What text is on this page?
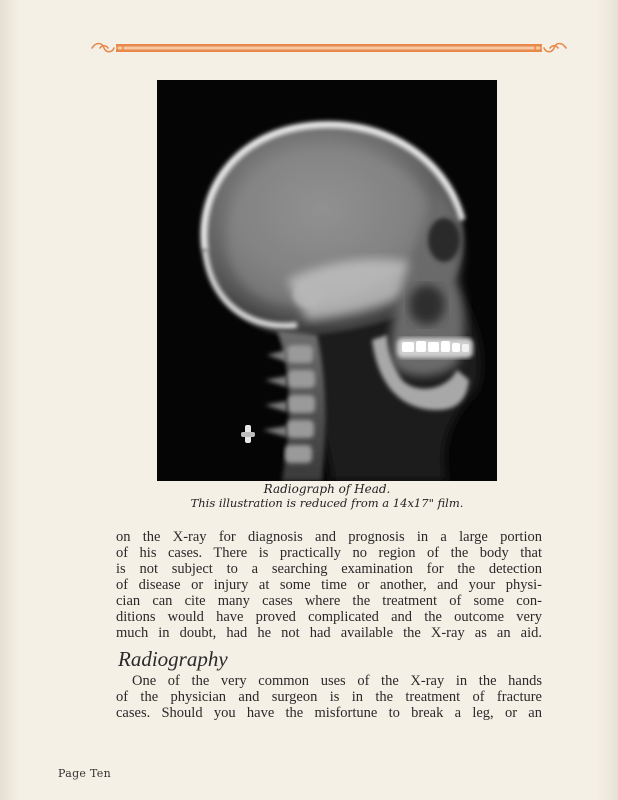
Radiograph of Head.
This illustration is reduced from a 14x17" film.
on the X-ray for diagnosis and prognosis in a large portion
of his cases. There is practically no region of the body that
is not subject to a searching examination for the detection
of disease or injury at some time or another, and your physi-
cian can cite many cases where the treatment of some con-
ditions would have proved complicated and the outcome very
much in doubt, had he not had available the X-ray as an aid.
Radiography
One of the very common uses of the X-ray in the hands
of the physician and surgeon is in the treatment of fracture
cases. Should you have the misfortune to break a leg, or an
Page Ten
